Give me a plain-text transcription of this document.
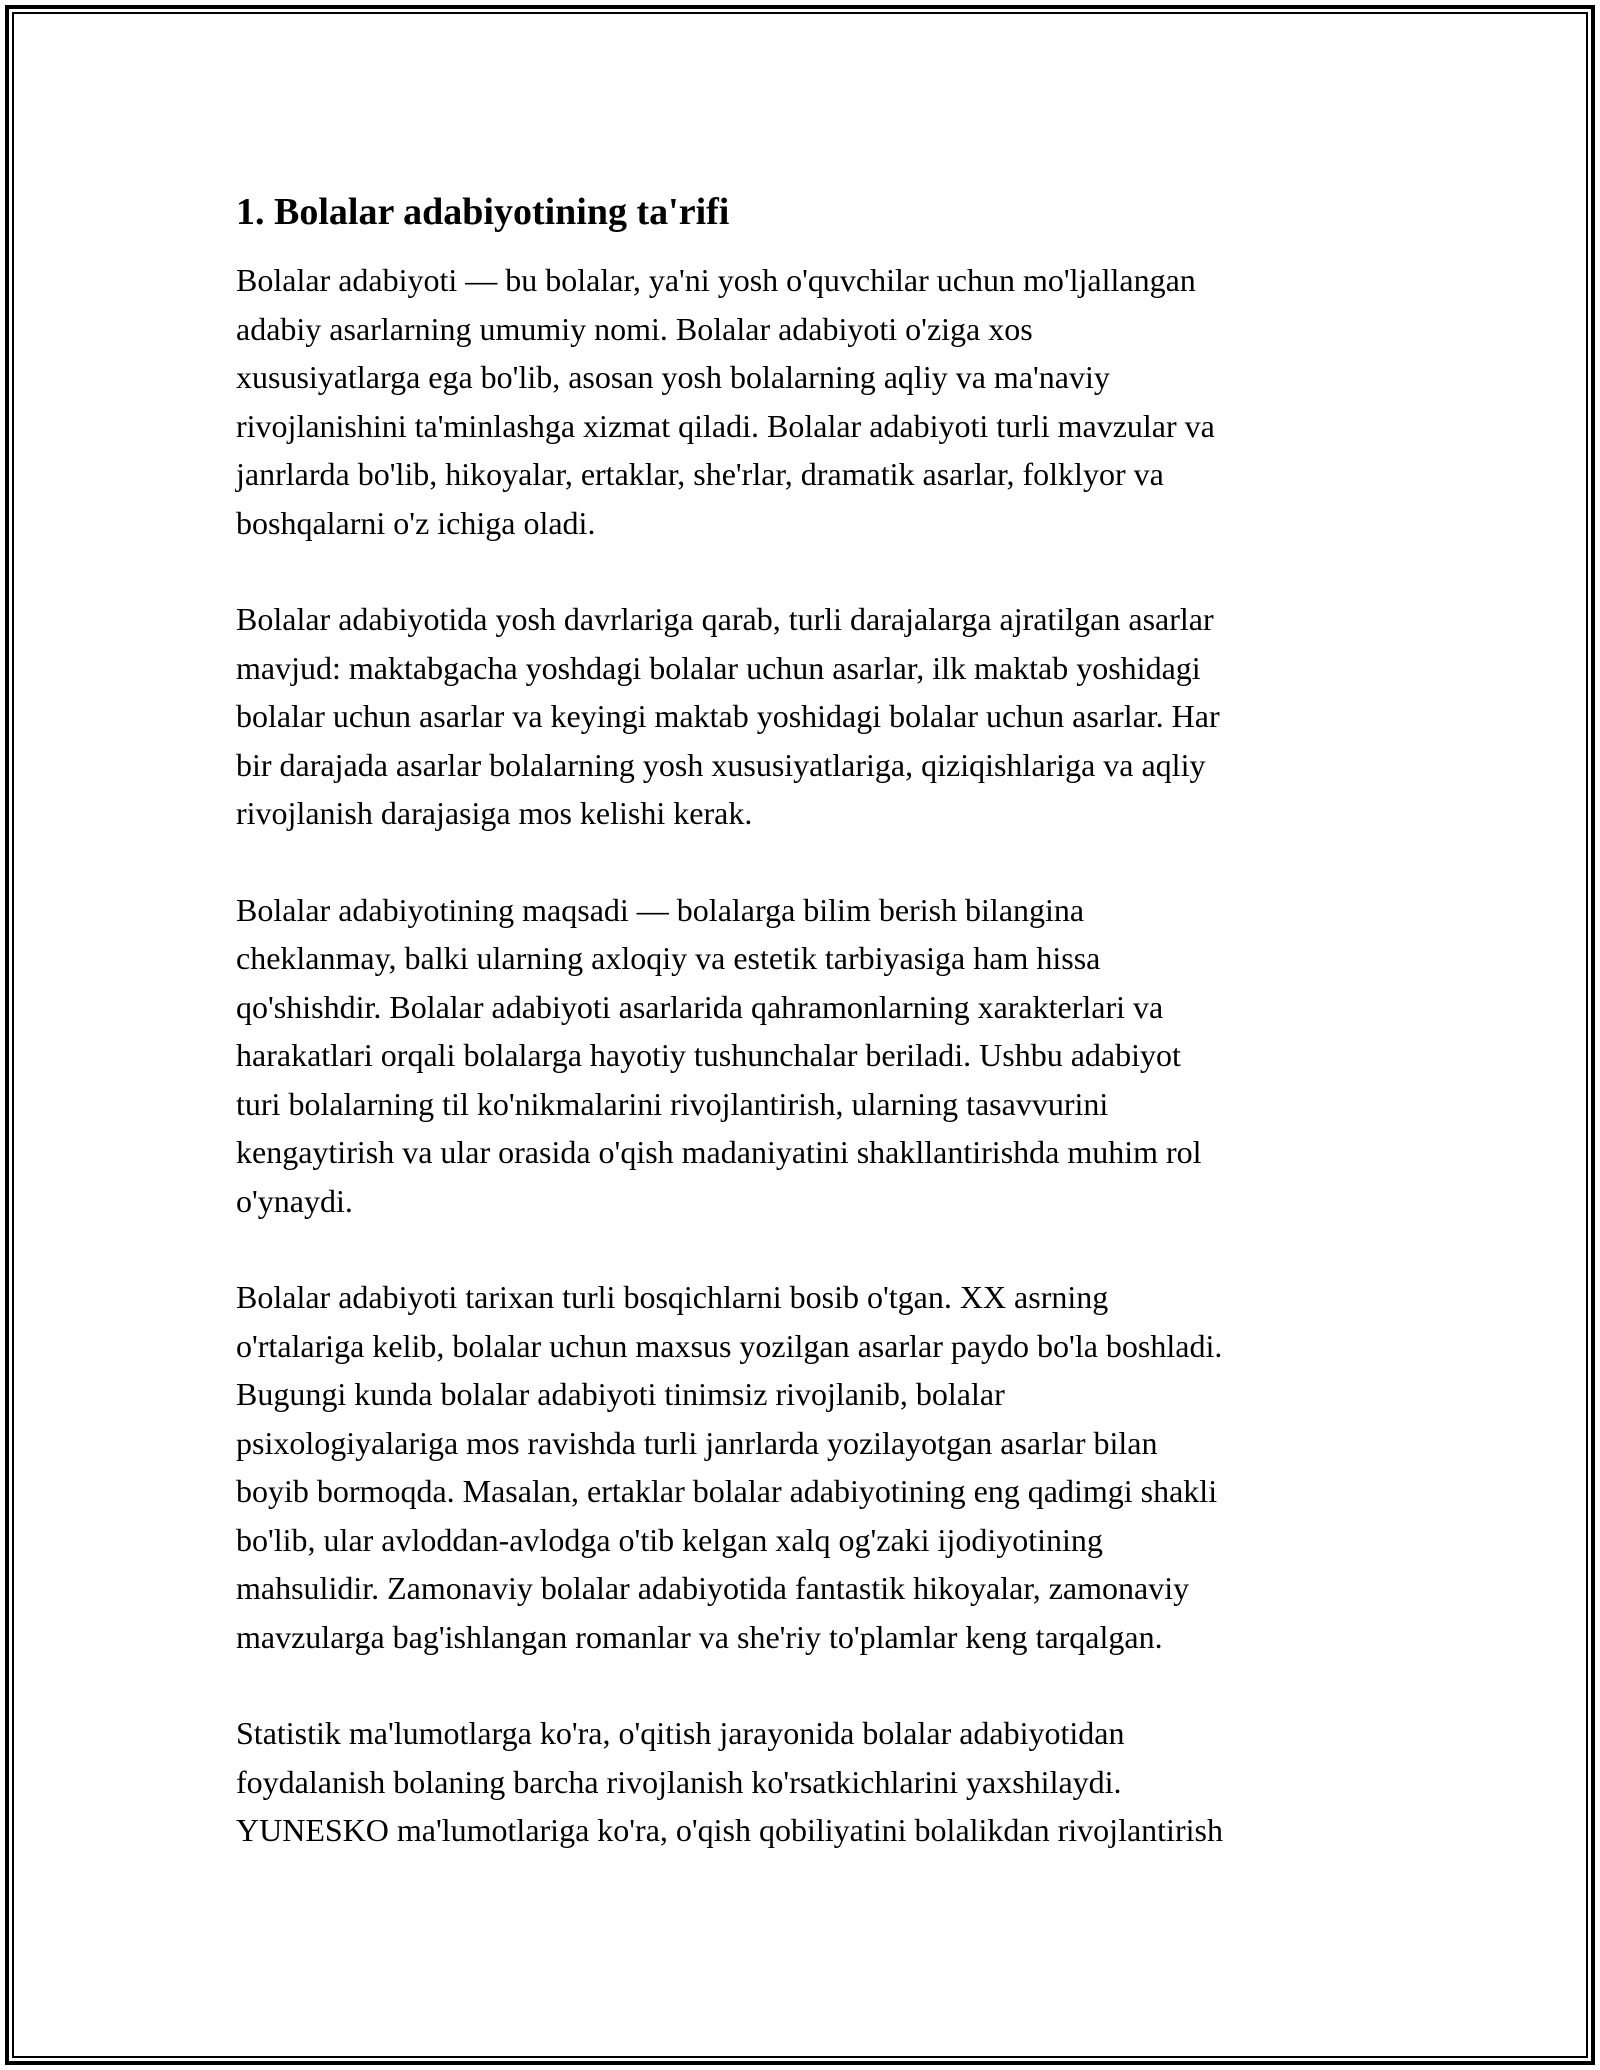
1. Bolalar adabiyotining ta'rifi

Bolalar adabiyoti — bu bolalar, ya'ni yosh o'quvchilar uchun mo'ljallangan
adabiy asarlarning umumiy nomi. Bolalar adabiyoti o'ziga xos
xususiyatlarga ega bo'lib, asosan yosh bolalarning aqliy va ma'naviy
rivojlanishini ta'minlashga xizmat qiladi. Bolalar adabiyoti turli mavzular va
janrlarda bo'lib, hikoyalar, ertaklar, she'rlar, dramatik asarlar, folklyor va
boshqalarni o'z ichiga oladi.

Bolalar adabiyotida yosh davrlariga qarab, turli darajalarga ajratilgan asarlar
mavjud: maktabgacha yoshdagi bolalar uchun asarlar, ilk maktab yoshidagi
bolalar uchun asarlar va keyingi maktab yoshidagi bolalar uchun asarlar. Har
bir darajada asarlar bolalarning yosh xususiyatlariga, qiziqishlariga va aqliy
rivojlanish darajasiga mos kelishi kerak.

Bolalar adabiyotining maqsadi — bolalarga bilim berish bilangina
cheklanmay, balki ularning axloqiy va estetik tarbiyasiga ham hissa
qo'shishdir. Bolalar adabiyoti asarlarida qahramonlarning xarakterlari va
harakatlari orqali bolalarga hayotiy tushunchalar beriladi. Ushbu adabiyot
turi bolalarning til ko'nikmalarini rivojlantirish, ularning tasavvurini
kengaytirish va ular orasida o'qish madaniyatini shakllantirishda muhim rol
o'ynaydi.

Bolalar adabiyoti tarixan turli bosqichlarni bosib o'tgan. XX asrning
o'rtalariga kelib, bolalar uchun maxsus yozilgan asarlar paydo bo'la boshladi.
Bugungi kunda bolalar adabiyoti tinimsiz rivojlanib, bolalar
psixologiyalariga mos ravishda turli janrlarda yozilayotgan asarlar bilan
boyib bormoqda. Masalan, ertaklar bolalar adabiyotining eng qadimgi shakli
bo'lib, ular avloddan-avlodga o'tib kelgan xalq og'zaki ijodiyotining
mahsulidir. Zamonaviy bolalar adabiyotida fantastik hikoyalar, zamonaviy
mavzularga bag'ishlangan romanlar va she'riy to'plamlar keng tarqalgan.

Statistik ma'lumotlarga ko'ra, o'qitish jarayonida bolalar adabiyotidan
foydalanish bolaning barcha rivojlanish ko'rsatkichlarini yaxshilaydi.
YUNESKO ma'lumotlariga ko'ra, o'qish qobiliyatini bolalikdan rivojlantirish
